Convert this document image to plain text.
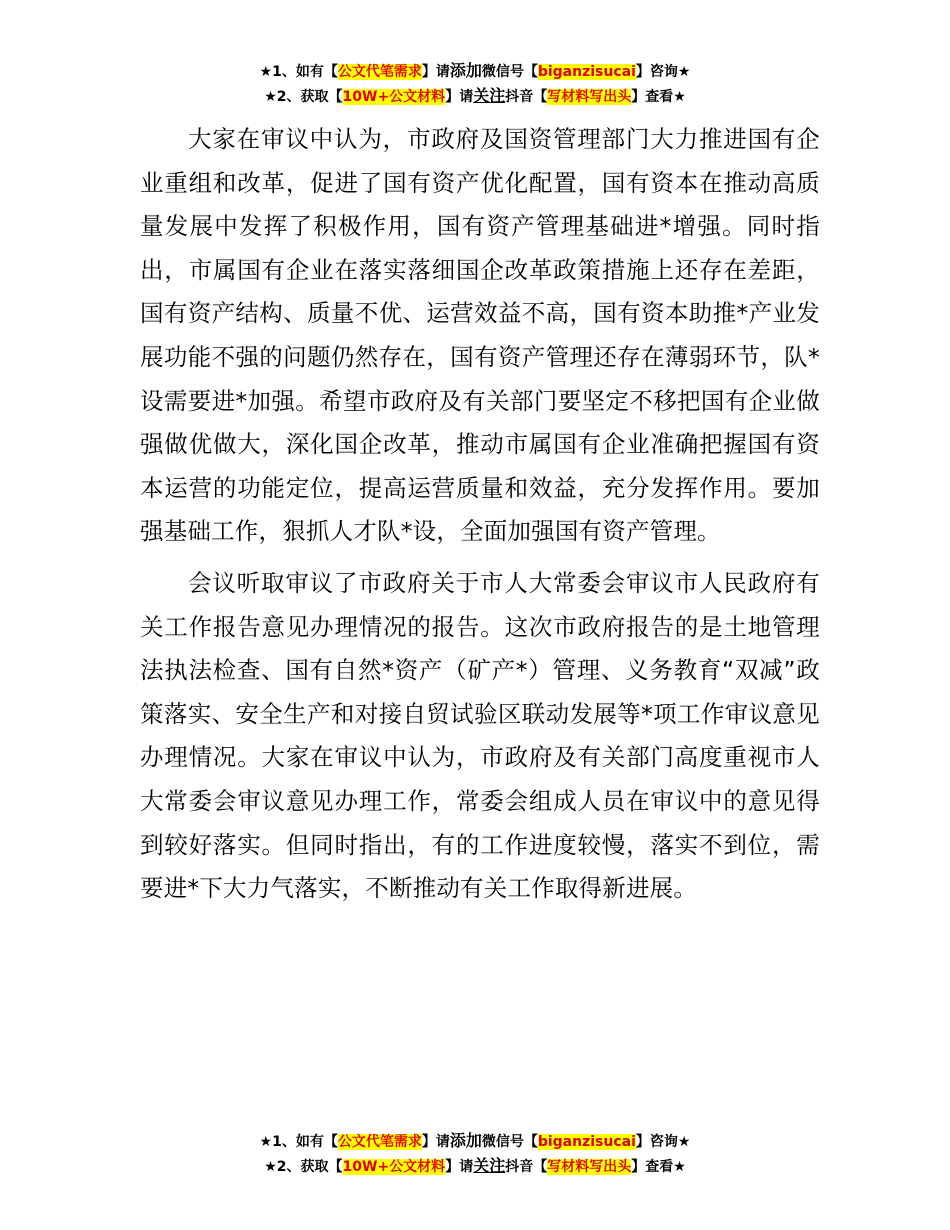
★1、如有【公文代笔需求】请添加微信号【biganzisucai】咨询★
★2、获取【10W+公文材料】请关注抖音【写材料写出头】查看★

大家在审议中认为，市政府及国资管理部门大力推进国有企业重组和改革，促进了国有资产优化配置，国有资本在推动高质量发展中发挥了积极作用，国有资产管理基础进*增强。同时指出，市属国有企业在落实落细国企改革政策措施上还存在差距，国有资产结构、质量不优、运营效益不高，国有资本助推*产业发展功能不强的问题仍然存在，国有资产管理还存在薄弱环节，队*设需要进*加强。希望市政府及有关部门要坚定不移把国有企业做强做优做大，深化国企改革，推动市属国有企业准确把握国有资本运营的功能定位，提高运营质量和效益，充分发挥作用。要加强基础工作，狠抓人才队*设，全面加强国有资产管理。

会议听取审议了市政府关于市人大常委会审议市人民政府有关工作报告意见办理情况的报告。这次市政府报告的是土地管理法执法检查、国有自然*资产（矿产*）管理、义务教育“双减”政策落实、安全生产和对接自贸试验区联动发展等*项工作审议意见办理情况。大家在审议中认为，市政府及有关部门高度重视市人大常委会审议意见办理工作，常委会组成人员在审议中的意见得到较好落实。但同时指出，有的工作进度较慢，落实不到位，需要进*下大力气落实，不断推动有关工作取得新进展。

★1、如有【公文代笔需求】请添加微信号【biganzisucai】咨询★
★2、获取【10W+公文材料】请关注抖音【写材料写出头】查看★
